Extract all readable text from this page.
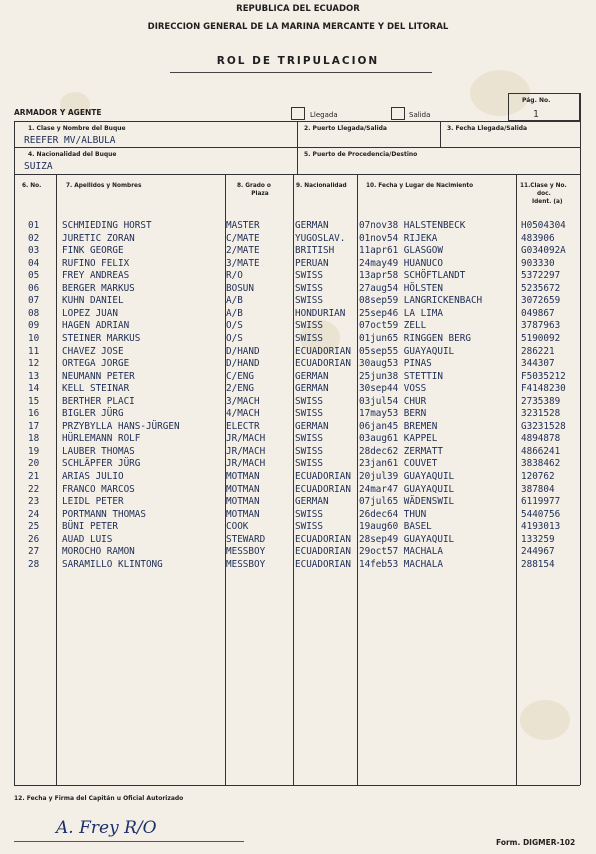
REPUBLICA DEL ECUADOR
DIRECCION GENERAL DE LA MARINA MERCANTE Y DEL LITORAL
ROL DE TRIPULACION
ARMADOR Y AGENTE	Llegada	Salida
Pág. No.
1
1. Clase y Nombre del Buque
REEFER MV/ALBULA
2. Puerto Llegada/Salida	3. Fecha Llegada/Salida
4. Nacionalidad del Buque
SUIZA
5. Puerto de Procedencia/Destino
6. No.	7. Apellidos y Nombres	8. Grado o
Plaza
9. Nacionalidad	10. Fecha y Lugar de Nacimiento	11.Clase y No.
doc.
Ident. (a)
01 SCHMIEDING HORST	MASTER	GERMAN	07nov38 HALSTENBECK	H0504304
02 JURETIC ZORAN	C/MATE	YUGOSLAV. 01nov54 RIJEKA	483906
03 FINK GEORGE	2/MATE	BRITISH	11apr61 GLASGOW	G034092A
04 RUFINO FELIX	3/MATE	PERUAN	24may49 HUANUCO	903330
05 FREY ANDREAS	R/O	SWISS	13apr58 SCHÖFTLANDT	5372297
06 BERGER MARKUS	BOSUN	SWISS	27aug54 HÖLSTEN	5235672
07 KUHN DANIEL	A/B	SWISS	08sep59 LANGRICKENBACH	3072659
08 LOPEZ JUAN	A/B	HONDURIAN 25sep46 LA LIMA	049867
09 HAGEN ADRIAN	O/S	SWISS	07oct59 ZELL	3787963
10 STEINER MARKUS	O/S	SWISS	01jun65 RINGGEN BERG	5190092
11 CHAVEZ JOSE	D/HAND	ECUADORIAN 05sep55 GUAYAQUIL	286221
12 ORTEGA JORGE	D/HAND	ECUADORIAN 30aug53 PINAS	344307
13 NEUMANN PETER	C/ENG	GERMAN	25jun38 STETTIN	F5035212
14 KELL STEINAR	2/ENG	GERMAN	30sep44 VOSS	F4148230
15 BERTHER PLACI	3/MACH	SWISS	03jul54 CHUR	2735389
16 BIGLER JÜRG	4/MACH	SWISS	17may53 BERN	3231528
17 PRZYBYLLA HANS-JÜRGEN	ELECTR	GERMAN	06jan45 BREMEN	G3231528
18 HÜRLEMANN ROLF	JR/MACH	SWISS	03aug61 KAPPEL	4894878
19 LAUBER THOMAS	JR/MACH	SWISS	28dec62 ZERMATT	4866241
20 SCHLÄPFER JÜRG	JR/MACH	SWISS	23jan61 COUVET	3838462
21 ARIAS JULIO	MOTMAN	ECUADORIAN 20jul39 GUAYAQUIL	120762
22 FRANCO MARCOS	MOTMAN	ECUADORIAN 24mar47 GUAYAQUIL	387804
23 LEIDL PETER	MOTMAN	GERMAN	07jul65 WÄDENSWIL	6119977
24 PORTMANN THOMAS	MOTMAN	SWISS	26dec64 THUN	5440756
25 BÜNI PETER	COOK	SWISS	19aug60 BASEL	4193013
26 AUAD LUIS	STEWARD	ECUADORIAN 28sep49 GUAYAQUIL	133259
27 MOROCHO RAMON	MESSBOY	ECUADORIAN 29oct57 MACHALA	244967
28 SARAMILLO KLINTONG	MESSBOY	ECUADORIAN 14feb53 MACHALA	288154
12. Fecha y Firma del Capitán u Oficial Autorizado
A. Frey R/O
Form. DIGMER-102
